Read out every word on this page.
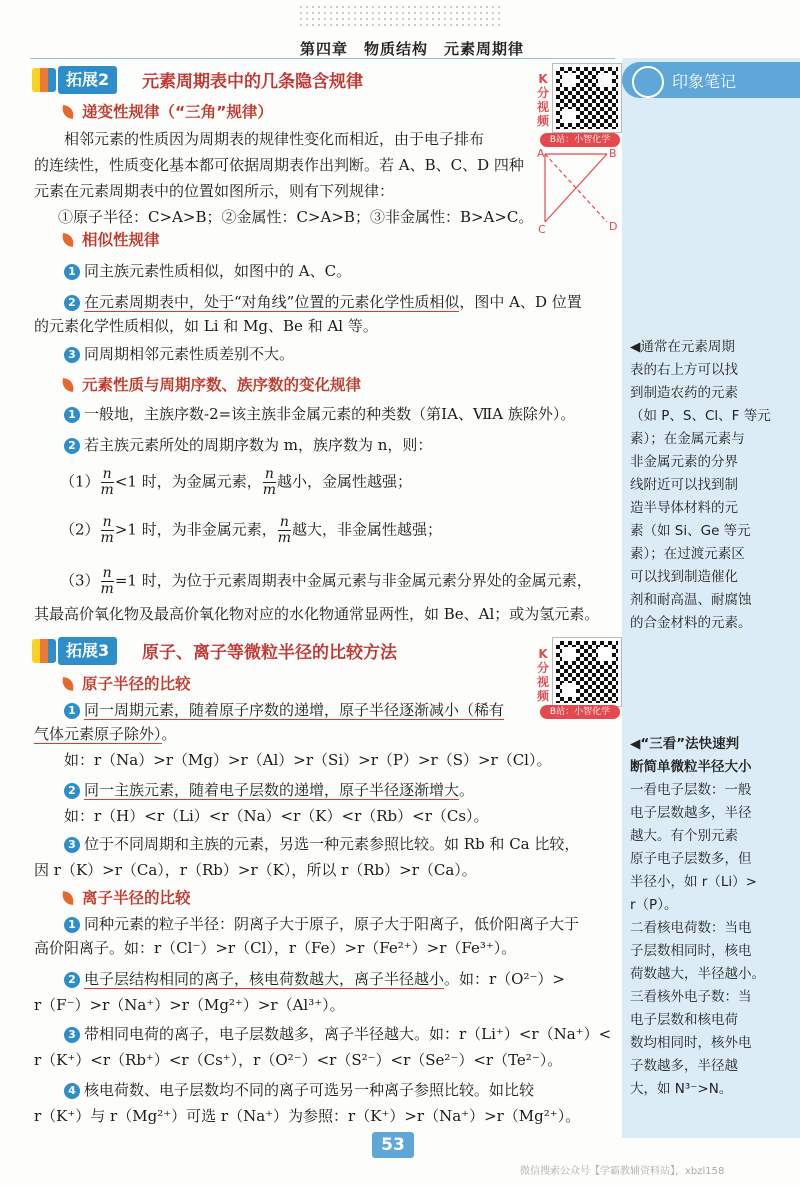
第四章　物质结构　元素周期律
印象笔记
◀通常在元素周期
表的右上方可以找
到制造农药的元素
（如 P、S、Cl、F 等元
素）；在金属元素与
非金属元素的分界
线附近可以找到制
造半导体材料的元
素（如 Si、Ge 等元
素）；在过渡元素区
可以找到制造催化
剂和耐高温、耐腐蚀
的合金材料的元素。
◀“三看”法快速判
断简单微粒半径大小
一看电子层数：一般
电子层数越多，半径
越大。有个别元素
原子电子层数多，但
半径小，如 r（Li）>
r（P）。
二看核电荷数：当电
子层数相同时，核电
荷数越大，半径越小。
三看核外电子数：当
电子层数和核电荷
数均相同时，核外电
子数越多，半径越
大，如 N³⁻>N。
K分视频
B站：小智化学
K分视频
B站：小智化学
拓展2	元素周期表中的几条隐含规律
递变性规律（“三角”规律）
相邻元素的性质因为周期表的规律性变化而相近，由于电子排布
的连续性，性质变化基本都可依据周期表作出判断。若 A、B、C、D 四种
元素在元素周期表中的位置如图所示，则有下列规律：
①原子半径：C>A>B；②金属性：C>A>B；③非金属性：B>A>C。
A	B
C	D
相似性规律
1 同主族元素性质相似，如图中的 A、C。
2 在元素周期表中，处于“对角线”位置的元素化学性质相似，图中 A、D 位置
的元素化学性质相似，如 Li 和 Mg、Be 和 Al 等。
3 同周期相邻元素性质差别不大。
元素性质与周期序数、族序数的变化规律
1 一般地，主族序数-2=该主族非金属元素的种类数（第ⅠA、ⅦA 族除外）。
2 若主族元素所处的周期序数为 m，族序数为 n，则：
$(1) \frac{n}{m} <1$ 时，为金属元素， $\frac{n}{m}$ 越小，金属性越强；
$(2) \frac{n}{m} >1$ 时，为非金属元素， $\frac{n}{m}$ 越大，非金属性越强；
$(3) \frac{n}{m} =1$ 时，为位于元素周期表中金属元素与非金属元素分界处的金属元素，
其最高价氧化物及最高价氧化物对应的水化物通常显两性，如 Be、Al；或为氢元素。
拓展3	原子、离子等微粒半径的比较方法
原子半径的比较
1 同一周期元素，随着原子序数的递增，原子半径逐渐减小（稀有
气体元素原子除外）。
如：r（Na）>r（Mg）>r（Al）>r（Si）>r（P）>r（S）>r（Cl）。
2 同一主族元素，随着电子层数的递增，原子半径逐渐增大。
如：r（H）<r（Li）<r（Na）<r（K）<r（Rb）<r（Cs）。
3 位于不同周期和主族的元素，另选一种元素参照比较。如 Rb 和 Ca 比较，
因 r（K）>r（Ca），r（Rb）>r（K），所以 r（Rb）>r（Ca）。
离子半径的比较
1 同种元素的粒子半径：阴离子大于原子，原子大于阳离子，低价阳离子大于
高价阳离子。如：r（Cl⁻）>r（Cl），r（Fe）>r（Fe²⁺）>r（Fe³⁺）。
2 电子层结构相同的离子，核电荷数越大，离子半径越小。如：r（O²⁻）>
r（F⁻）>r（Na⁺）>r（Mg²⁺）>r（Al³⁺）。
3 带相同电荷的离子，电子层数越多，离子半径越大。如：r（Li⁺）<r（Na⁺）<
r（K⁺）<r（Rb⁺）<r（Cs⁺），r（O²⁻）<r（S²⁻）<r（Se²⁻）<r（Te²⁻）。
4 核电荷数、电子层数均不同的离子可选另一种离子参照比较。如比较
r（K⁺）与 r（Mg²⁺）可选 r（Na⁺）为参照：r（K⁺）>r（Na⁺）>r（Mg²⁺）。
53
微信搜索公众号【学霸教辅资料站】，xbzl158
